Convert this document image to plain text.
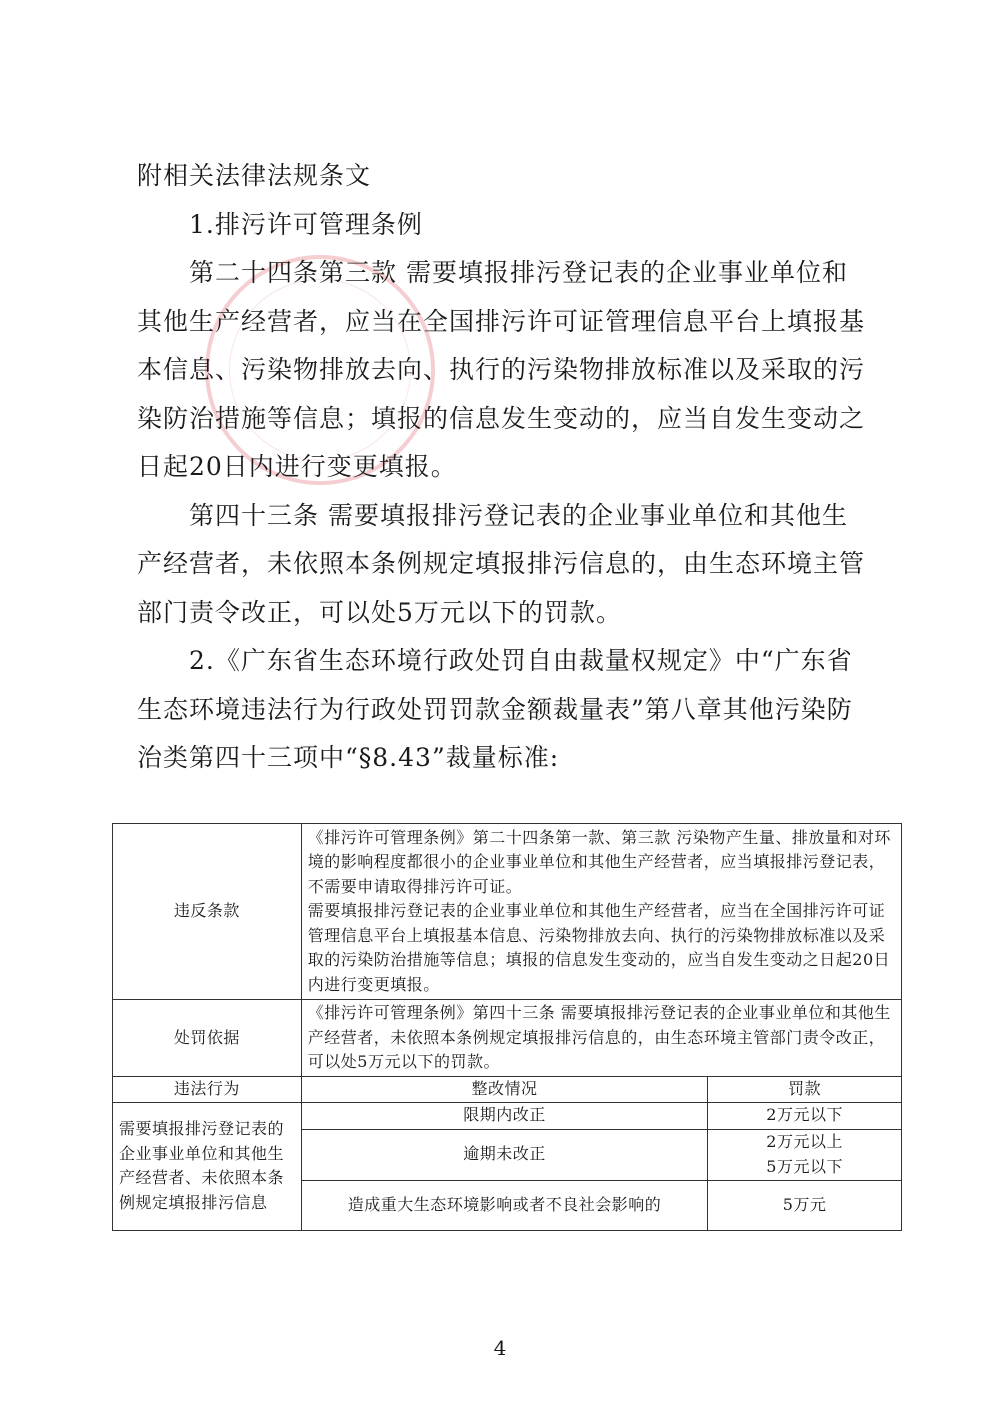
附相关法律法规条文

1.排污许可管理条例

第二十四条第三款 需要填报排污登记表的企业事业单位和其他生产经营者，应当在全国排污许可证管理信息平台上填报基本信息、污染物排放去向、执行的污染物排放标准以及采取的污染防治措施等信息；填报的信息发生变动的，应当自发生变动之日起20日内进行变更填报。

第四十三条 需要填报排污登记表的企业事业单位和其他生产经营者，未依照本条例规定填报排污信息的，由生态环境主管部门责令改正，可以处5万元以下的罚款。

2.《广东省生态环境行政处罚自由裁量权规定》中“广东省生态环境违法行为行政处罚罚款金额裁量表”第八章其他污染防治类第四十三项中“§8.43”裁量标准:

违反条款	《排污许可管理条例》第二十四条第一款、第三款 污染物产生量、排放量和对环境的影响程度都很小的企业事业单位和其他生产经营者，应当填报排污登记表，不需要申请取得排污许可证。
需要填报排污登记表的企业事业单位和其他生产经营者，应当在全国排污许可证管理信息平台上填报基本信息、污染物排放去向、执行的污染物排放标准以及采取的污染防治措施等信息；填报的信息发生变动的，应当自发生变动之日起20日内进行变更填报。	

处罚依据	《排污许可管理条例》第四十三条 需要填报排污登记表的企业事业单位和其他生产经营者，未依照本条例规定填报排污信息的，由生态环境主管部门责令改正，可以处5万元以下的罚款。	
违法行为	整改情况	罚款
需要填报排污登记表的企业事业单位和其他生产经营者、未依照本条例规定填报排污信息	限期内改正	2万元以下
	逾期未改正	2万元以上
5万元以下

	造成重大生态环境影响或者不良社会影响的	5万元
4
